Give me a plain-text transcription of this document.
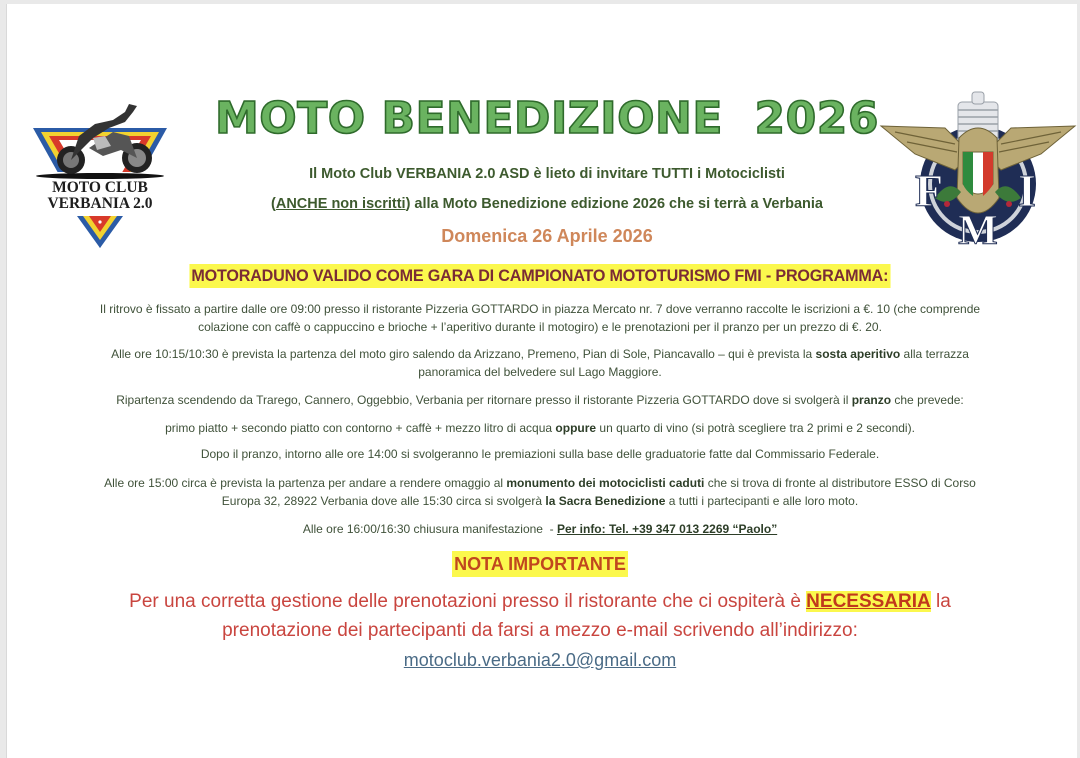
MOTO CLUB
VERBANIA 2.0
MOTO BENEDIZIONE  2026
Il Moto Club VERBANIA 2.0 ASD è lieto di invitare TUTTI i Motociclisti
(ANCHE non iscritti) alla Moto Benedizione edizione 2026 che si terrà a Verbania
Domenica 26 Aprile 2026
F
M
I
MOTORADUNO VALIDO COME GARA DI CAMPIONATO MOTOTURISMO FMI - PROGRAMMA:
Il ritrovo è fissato a partire dalle ore 09:00 presso il ristorante Pizzeria GOTTARDO in piazza Mercato nr. 7 dove verranno raccolte le iscrizioni a €. 10 (che comprende
colazione con caffè o cappuccino e brioche + l’aperitivo durante il motogiro) e le prenotazioni per il pranzo per un prezzo di €. 20.
Alle ore 10:15/10:30 è prevista la partenza del moto giro salendo da Arizzano, Premeno, Pian di Sole, Piancavallo – qui è prevista la sosta aperitivo alla terrazza
panoramica del belvedere sul Lago Maggiore.
Ripartenza scendendo da Trarego, Cannero, Oggebbio, Verbania per ritornare presso il ristorante Pizzeria GOTTARDO dove si svolgerà il pranzo che prevede:
primo piatto + secondo piatto con contorno + caffè + mezzo litro di acqua oppure un quarto di vino (si potrà scegliere tra 2 primi e 2 secondi).
Dopo il pranzo, intorno alle ore 14:00 si svolgeranno le premiazioni sulla base delle graduatorie fatte dal Commissario Federale.
Alle ore 15:00 circa è prevista la partenza per andare a rendere omaggio al monumento dei motociclisti caduti che si trova di fronte al distributore ESSO di Corso
Europa 32, 28922 Verbania dove alle 15:30 circa si svolgerà la Sacra Benedizione a tutti i partecipanti e alle loro moto.
Alle ore 16:00/16:30 chiusura manifestazione  - Per info: Tel. +39 347 013 2269 “Paolo”
NOTA IMPORTANTE
Per una corretta gestione delle prenotazioni presso il ristorante che ci ospiterà è NECESSARIA la
prenotazione dei partecipanti da farsi a mezzo e-mail scrivendo all’indirizzo:
motoclub.verbania2.0@gmail.com
